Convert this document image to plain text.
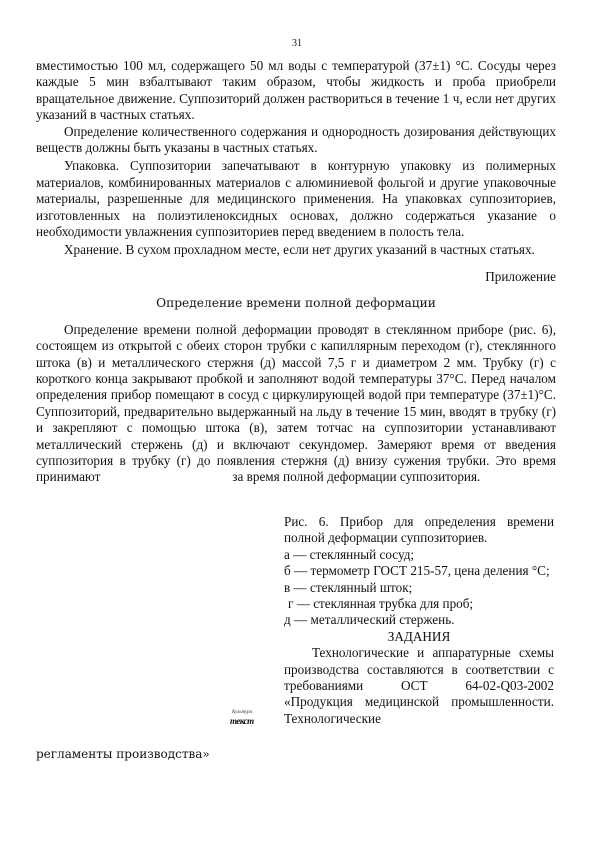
31

вместимостью 100 мл, содержащего 50 мл воды с температурой (37±1) °С. Сосуды через каждые 5 мин взбалтывают таким образом, чтобы жидкость и проба приобрели вращательное движение. Суппозиторий должен раствориться в течение 1 ч, если нет других указаний в частных статьях.

Определение количественного содержания и однородность дозирования действующих веществ должны быть указаны в частных статьях.

Упаковка. Суппозитории запечатывают в контурную упаковку из полимерных материалов, комбинированных материалов с алюминиевой фольгой и другие упаковочные материалы, разрешенные для медицинского применения. На упаковках суппозиториев, изготовленных на полиэтиленоксидных основах, должно содержаться указание о необходимости увлажнения суппозиториев перед введением в полость тела.

Хранение. В сухом прохладном месте, если нет других указаний в частных статьях.

Приложение

Определение времени полной деформации

Определение времени полной деформации проводят в стеклянном приборе (рис. 6), состоящем из открытой с обеих сторон трубки с капиллярным переходом (г), стеклянного штока (в) и металлического стержня (д) массой 7,5 г и диаметром 2 мм. Трубку (г) с короткого конца закрывают пробкой и заполняют водой температуры 37°С. Перед началом определения прибор помещают в сосуд с циркулирующей водой при температуре (37±1)°С. Суппозиторий, предварительно выдержанный на льду в течение 15 мин, вводят в трубку (г) и закрепляют с помощью штока (в), затем тотчас на суппозитории устанавливают металлический стержень (д) и включают секундомер. Замеряют время от введения суппозитория в трубку (г) до появления стержня (д) внизу сужения трубки. Это время принимают	за время полной деформации суппозитория.

Рис. 6. Прибор для определения времени полной деформации суппозиториев.

а — стеклянный сосуд;

б — термометр ГОСТ 215-57, цена деления °С;

в — стеклянный шток;

г — стеклянная трубка для проб;

д — металлический стержень.

ЗАДАНИЯ

Технологические и аппаратурные схемы производства составляются в соответствии с требованиями ОСТ 64-02-Q03-2002 «Продукция медицинской промышленности. Технологические

Культура
текст
регламенты производства»
